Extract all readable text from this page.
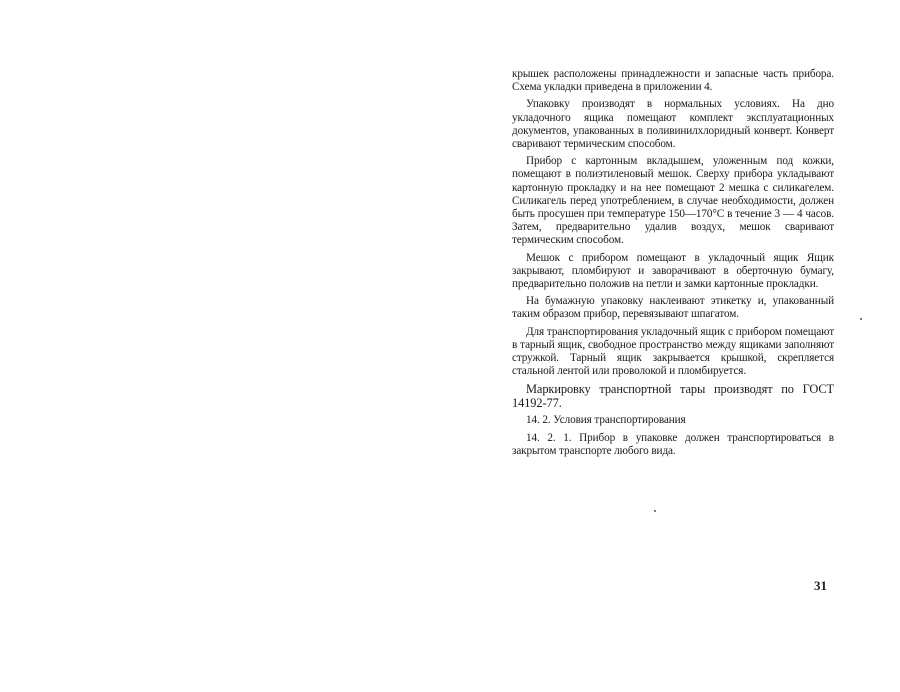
крышек расположены принадлежности и запасные часть прибора. Схема укладки приведена в приложении 4.

Упаковку производят в нормальных условиях. На дно укладочного ящика помещают комплект эксплуатационных документов, упакованных в поливинилхлоридный конверт. Конверт сваривают термическим способом.

Прибор с картонным вкладышем, уложенным под кожки, помещают в полиэтиленовый мешок. Сверху прибора укладывают картонную прокладку и на нее помещают 2 мешка с силикагелем. Силикагель перед употреблением, в случае необходимости, должен быть просушен при температуре 150—170°С в течение 3 — 4 часов. Затем, предварительно удалив воздух, мешок сваривают термическим способом.

Мешок с прибором помещают в укладочный ящик Ящик закрывают, пломбируют и заворачивают в оберточную бумагу, предварительно положив на петли и замки картонные прокладки.

На бумажную упаковку наклеивают этикетку и, упакованный таким образом прибор, перевязывают шпагатом.

Для транспортирования укладочный ящик с прибором помещают в тарный ящик, свободное пространство между ящиками заполняют стружкой. Тарный ящик закрывается крышкой, скрепляется стальной лентой или проволокой и пломбируется.

Маркировку транспортной тары производят по ГОСТ 14192-77.

14. 2. Условия транспортирования

14. 2. 1. Прибор в упаковке должен транспортироваться в закрытом транспорте любого вида.

31
